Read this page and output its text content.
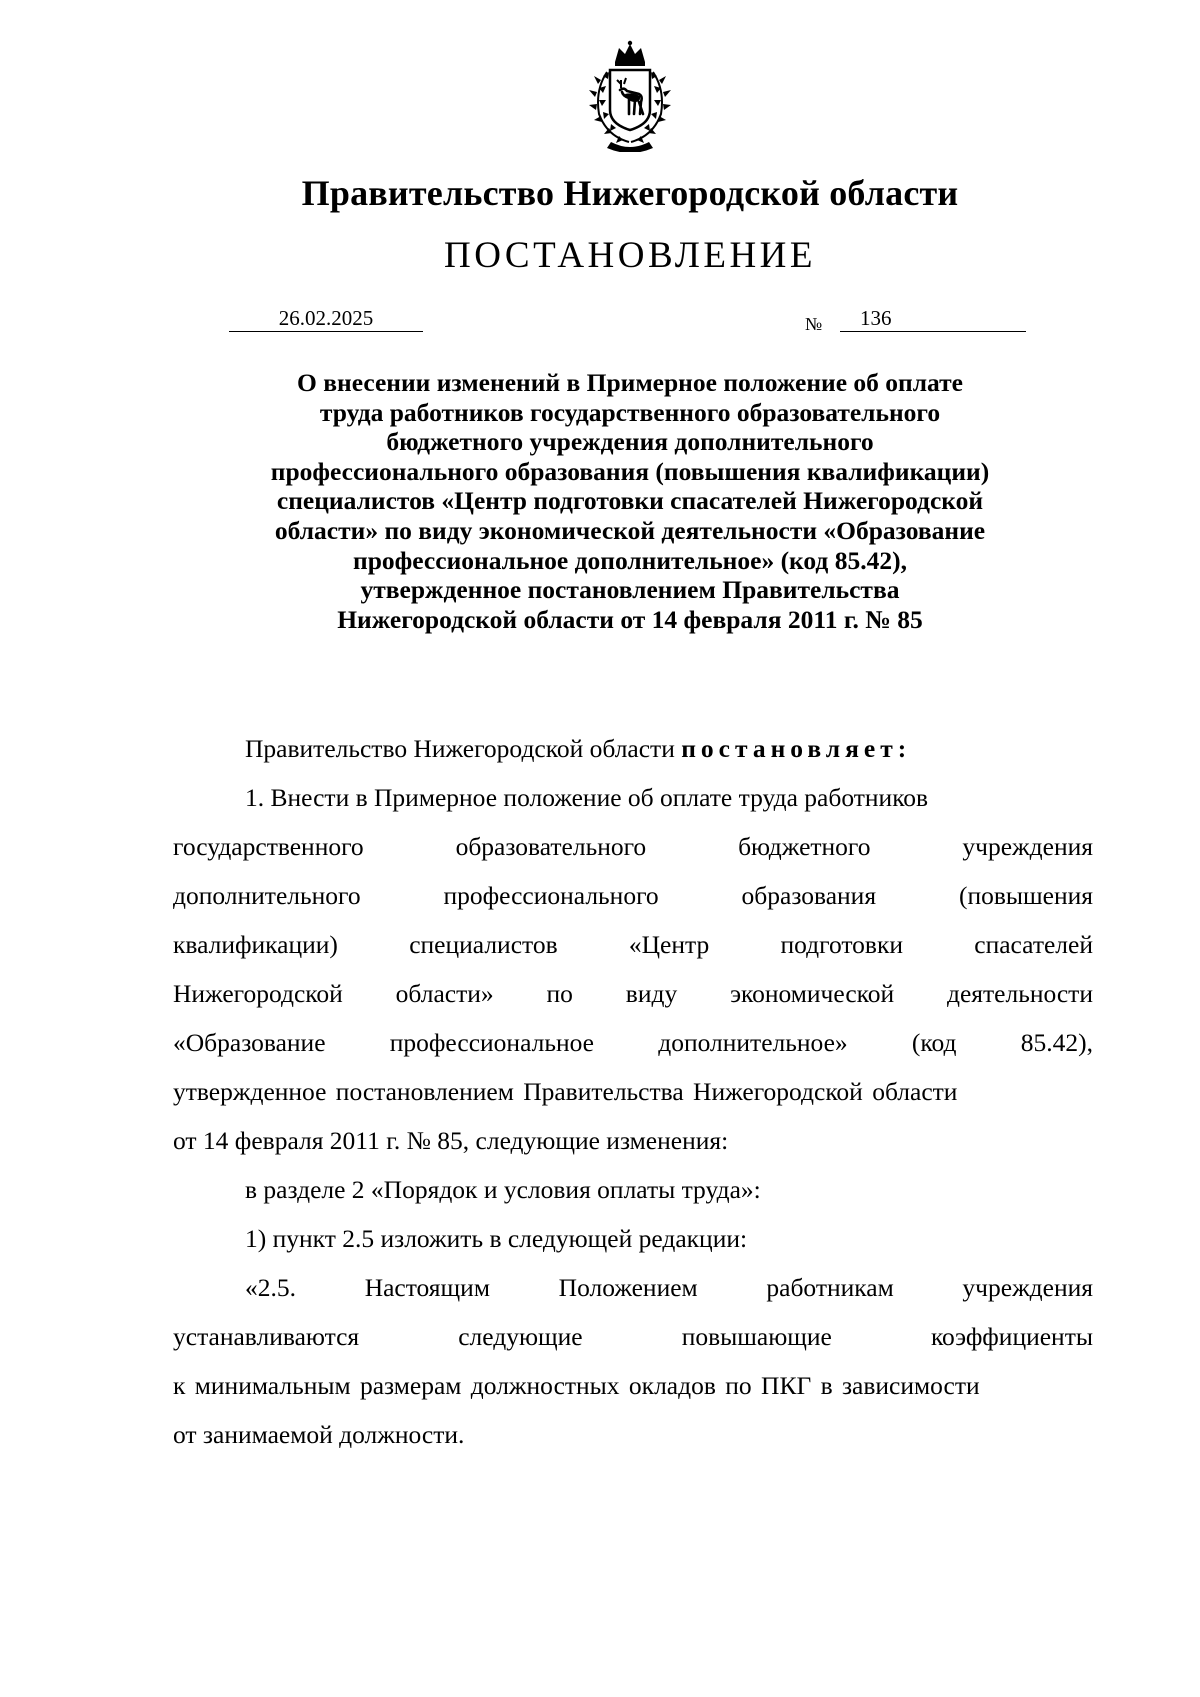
Правительство Нижегородской области
ПОСТАНОВЛЕНИЕ
26.02.2025	№ 136
О внесении изменений в Примерное положение об оплате
труда работников государственного образовательного
бюджетного учреждения дополнительного
профессионального образования (повышения квалификации)
специалистов «Центр подготовки спасателей Нижегородской
области» по виду экономической деятельности «Образование
профессиональное дополнительное» (код 85.42),
утвержденное постановлением Правительства
Нижегородской области от 14 февраля 2011 г. № 85
Правительство Нижегородской области постановляет:
1. Внести в Примерное положение об оплате труда работников
государственного	образовательного	бюджетного	учреждения
дополнительного	профессионального	образования	(повышения
квалификации)	специалистов	«Центр	подготовки	спасателей
Нижегородской области» по виду экономической деятельности
«Образование	профессиональное	дополнительное»	(код	85.42),
утвержденное постановлением Правительства Нижегородской области
от 14 февраля 2011 г. № 85, следующие изменения:
в разделе 2 «Порядок и условия оплаты труда»:
1) пункт 2.5 изложить в следующей редакции:
«2.5.	Настоящим	Положением	работникам	учреждения
устанавливаются	следующие	повышающие	коэффициенты
к минимальным размерам должностных окладов по ПКГ в зависимости
от занимаемой должности.
